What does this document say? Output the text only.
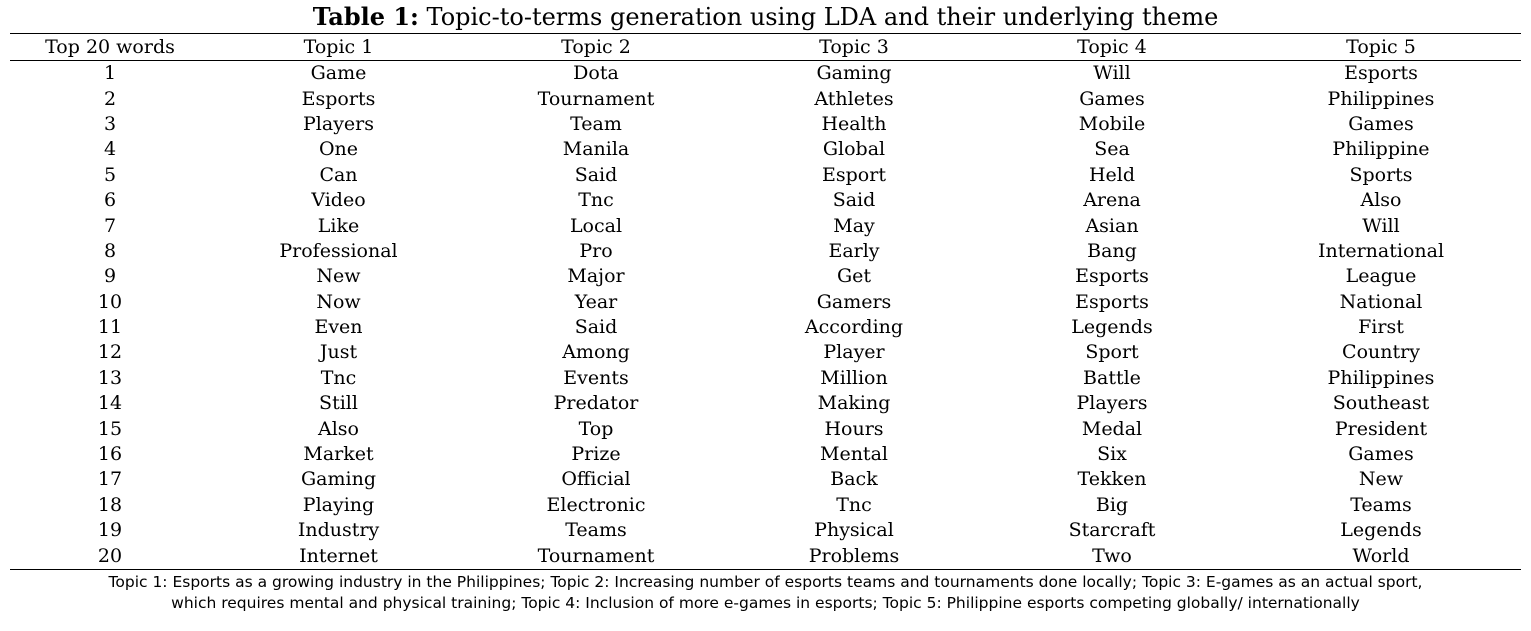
Table 1: Topic-to-terms generation using LDA and their underlying theme
Top 20 words	Topic 1	Topic 2	Topic 3	Topic 4	Topic 5
1	Game	Dota	Gaming	Will	Esports
2	Esports	Tournament	Athletes	Games	Philippines
3	Players	Team	Health	Mobile	Games
4	One	Manila	Global	Sea	Philippine
5	Can	Said	Esport	Held	Sports
6	Video	Tnc	Said	Arena	Also
7	Like	Local	May	Asian	Will
8	Professional	Pro	Early	Bang	International
9	New	Major	Get	Esports	League
10	Now	Year	Gamers	Esports	National
11	Even	Said	According	Legends	First
12	Just	Among	Player	Sport	Country
13	Tnc	Events	Million	Battle	Philippines
14	Still	Predator	Making	Players	Southeast
15	Also	Top	Hours	Medal	President
16	Market	Prize	Mental	Six	Games
17	Gaming	Official	Back	Tekken	New
18	Playing	Electronic	Tnc	Big	Teams
19	Industry	Teams	Physical	Starcraft	Legends
20	Internet	Tournament	Problems	Two	World
Topic 1: Esports as a growing industry in the Philippines; Topic 2: Increasing number of esports teams and tournaments done locally; Topic 3: E-games as an actual sport,
which requires mental and physical training; Topic 4: Inclusion of more e-games in esports; Topic 5: Philippine esports competing globally/ internationally
